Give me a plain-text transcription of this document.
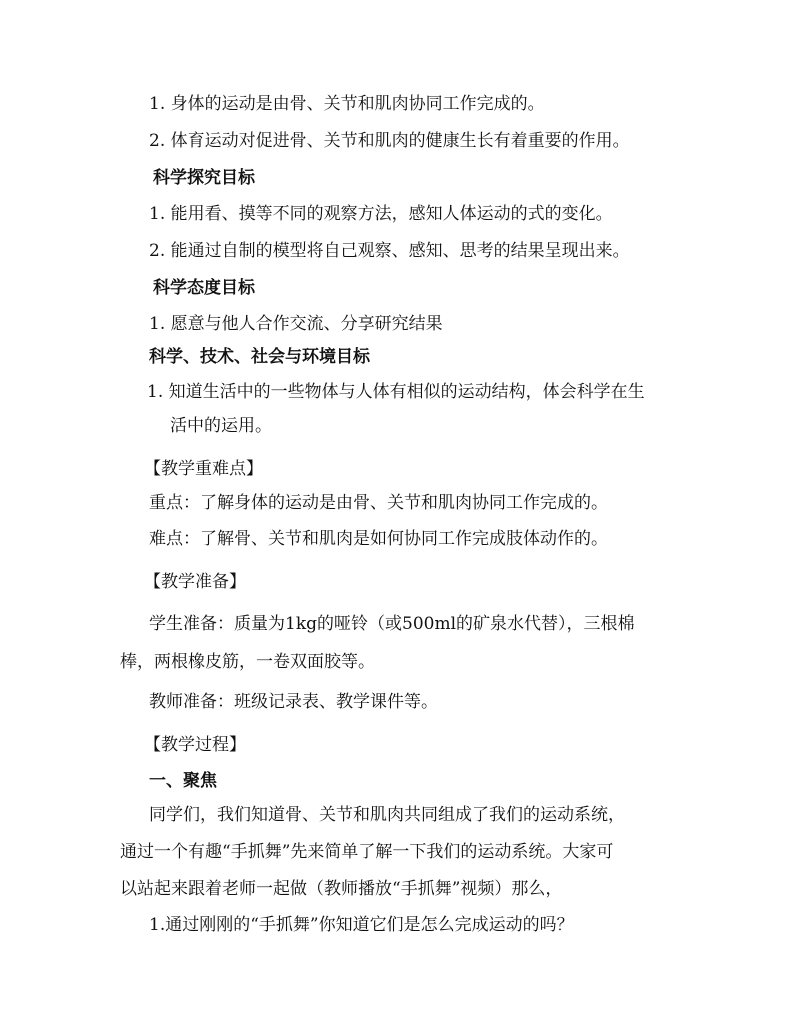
1. 身体的运动是由骨、关节和肌肉协同工作完成的。
2. 体育运动对促进骨、关节和肌肉的健康生长有着重要的作用。
科学探究目标
1. 能用看、摸等不同的观察方法，感知人体运动的式的变化。
2. 能通过自制的模型将自己观察、感知、思考的结果呈现出来。
科学态度目标
1. 愿意与他人合作交流、分享研究结果
科学、技术、社会与环境目标
1. 知道生活中的一些物体与人体有相似的运动结构，体会科学在生
活中的运用。
【教学重难点】
重点：了解身体的运动是由骨、关节和肌肉协同工作完成的。
难点：了解骨、关节和肌肉是如何协同工作完成肢体动作的。
【教学准备】
学生准备：质量为1kg的哑铃（或500ml的矿泉水代替），三根棉
棒，两根橡皮筋，一卷双面胶等。
教师准备：班级记录表、教学课件等。
【教学过程】
一、聚焦
同学们，我们知道骨、关节和肌肉共同组成了我们的运动系统，
通过一个有趣“手抓舞”先来简单了解一下我们的运动系统。大家可
以站起来跟着老师一起做（教师播放“手抓舞”视频）那么，
1.通过刚刚的“手抓舞”你知道它们是怎么完成运动的吗？
